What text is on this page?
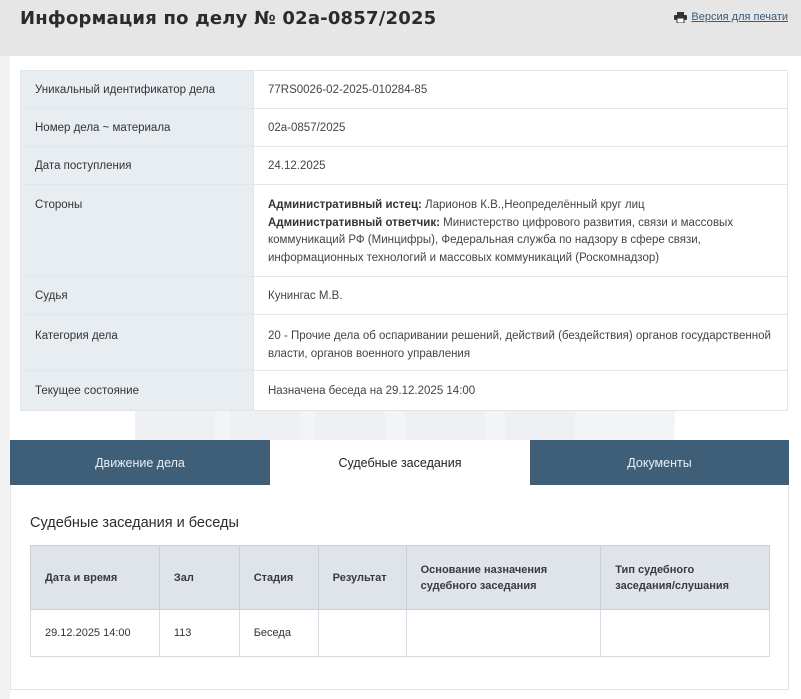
Информация по делу № 02а-0857/2025	Версия для печати
Уникальный идентификатор дела	77RS0026-02-2025-010284-85
Номер дела ~ материала	02а-0857/2025
Дата поступления	24.12.2025
Стороны	Административный истец: Ларионов К.В.,Неопределённый круг лиц
Административный ответчик: Министерство цифрового развития, связи и массовых коммуникаций РФ (Минцифры), Федеральная служба по надзору в сфере связи, информационных технологий и массовых коммуникаций (Роскомнадзор)

Судья	Кунингас М.В.
Категория дела	20 - Прочие дела об оспаривании решений, действий (бездействия) органов государственной власти, органов военного управления
Текущее состояние	Назначена беседа на 29.12.2025 14:00
Движение дела	Судебные заседания	Документы
Судебные заседания и беседы
Дата и время	Зал	Стадия	Результат	Основание назначения судебного заседания	Тип судебного заседания/слушания
29.12.2025 14:00	113	Беседа			
